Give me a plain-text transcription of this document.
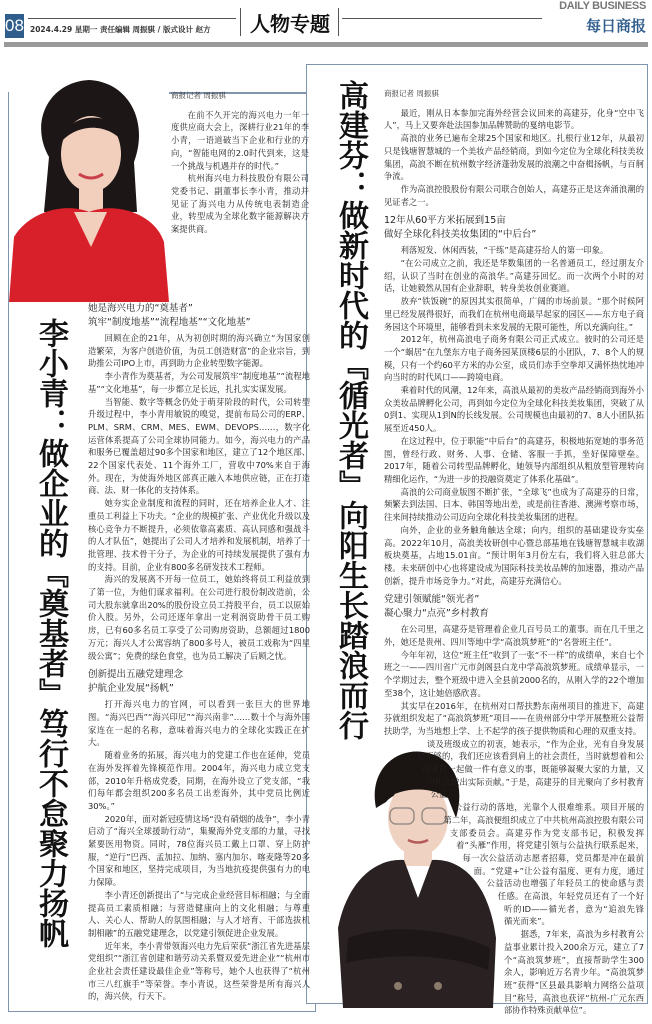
08 2024.4.29 星期一 责任编辑 周振骐 / 版式设计 赵方 人物专题
DAILY BUSINESS
每日商报
商报记者 周振骐

在前不久开完的海兴电力一年一度供应商大会上，深耕行业21年的李小青，一语道破当下企业和行业的方向，“智能电网的2.0时代到来，这是一个挑战与机遇并存的时代。”

杭州海兴电力科技股份有限公司党委书记、副董事长李小青，推动并见证了海兴电力从传统电表制造企业，转型成为全球化数字能源解决方案提供商。

李小青：做企业的『奠基者』笃行不怠聚力扬帆
她是海兴电力的“奠基者”
筑牢“制度地基”“流程地基”“文化地基”

回顾在企的21年，从为初创时期的海兴确立“为国家创造繁荣，为客户创造价值，为员工创造财富”的企业宗旨，到助推公司IPO上市，再到助力企业转型数字能源。

李小青作为奠基者，为公司发展筑牢“制度地基”“流程地基”“文化地基”，每一步都立足长远，扎扎实实谋发展。

当智能、数字等概念仍处于萌芽阶段的时代，公司转型升级过程中，李小青用敏锐的嗅觉，提前布局公司的ERP、PLM、SRM、CRM、MES、EWM、DEVOPS……，数字化运营体系提高了公司全球协同能力。如今，海兴电力的产品和服务已覆盖超过90多个国家和地区，建立了12个地区部、22个国家代表处、11个海外工厂，营收中70%来自于海外。现在，为使海外地区部真正融入本地供应链，正在打造商、法、财一体化的支持体系。

她夯实企业制度和流程的同时，还在培养企业人才、注重员工利益上下功夫。“企业的规模扩张、产业优化升级以及核心竞争力不断提升，必须依靠高素质、高认同感和强战斗的人才队伍”，她提出了公司人才培养和发展机制，培养了一批管理、技术骨干分子，为企业的可持续发展提供了强有力的支持。目前，企业有800多名研发技术工程师。

海兴的发展离不开每一位员工，她始终将员工利益放到了第一位，为他们谋求福利。在公司进行股份制改造前，公司大股东就拿出20%的股份设立员工持股平台，员工以原始价入股。另外，公司还逐年拿出一定利润资助骨干员工购房，已有60多名员工享受了公司购房资助，总额超过1800万元；海兴人才公寓容纳了800多号人，被员工戏称为“四星级公寓”；免费的绿色食堂，也为员工解决了后顾之忧。

创新提出五融党建理念
护航企业发展“扬帆”

打开海兴电力的官网，可以看到一张巨大的世界地图。“海兴巴西”“海兴印尼”“海兴南非”……数十个与海外国家连在一起的名称，意味着海兴电力的全球化实践正在扩大。

随着业务的拓展，海兴电力的党建工作也在延伸，党员在海外发挥着先锋模范作用。2004年，海兴电力成立党支部，2010年升格成党委，同期，在海外设立了党支部，“我们每年都会组织200多名员工出差海外，其中党员比例近30%。”

2020年，面对新冠疫情这场“没有硝烟的战争”，李小青启动了“海兴全球援助行动”，集聚海外党支部的力量，寻找紧要医用物资。同时，78位海兴员工戴上口罩、穿上防护服，“逆行”巴西、孟加拉、加纳、塞内加尔、喀麦隆等20多个国家和地区，坚持完成项目，为当地抗疫提供强有力的电力保障。

李小青还创新提出了“与完成企业经营目标相融；与全面提高员工素质相融；与营造健康向上的文化相融；与尊重人、关心人、帮助人的氛围相融；与人才培育、干部选拔机制相融”的五融党建理念，以党建引领促进企业发展。

近年来，李小青带领海兴电力先后荣获“浙江省先进基层党组织”“浙江省创建和谐劳动关系暨双爱先进企业”“杭州市企业社会责任建设最佳企业”等称号，她个人也获得了“杭州市三八红旗手”等荣誉。李小青说，这些荣誉是所有海兴人的，海兴侠，行天下。

高建芬：做新时代的『循光者』向阳生长踏浪而行 商报记者 周振骐

最近，刚从日本参加完海外经营会议回来的高建芬，化身“空中飞人”，马上又要奔赴法国参加品牌赞助的戛纳电影节。

高浪的业务已遍布全球25个国家和地区。扎根行业12年，从最初只是钱塘智慧城的一个美妆产品经销商，到如今定位为全球化科技美妆集团，高浪不断在杭州数字经济蓬勃发展的浪潮之中奋楫扬帆，与百舸争流。

作为高浪控股股份有限公司联合创始人，高建芬正是这奔涌浪潮的见证者之一。

12年从60平方米拓展到15亩
做好全球化科技美妆集团的“中后台”

利落短发、休闲西装，“干练”是高建芬给人的第一印象。

“在公司成立之前，我还是华数集团的一名普通员工，经过朋友介绍，认识了当时在创业的高浪华。”高建芬回忆。而一次两个小时的对话，让她毅然从国有企业辞职，转身美妆创业赛道。

放弃“铁饭碗”的原因其实很简单，广阔的市场前景。“那个时候阿里已经发展得很好，而我们在杭州电商最早起家的园区——东方电子商务园这个环境里，能够看到未来发展的无限可能性，所以充满向往。”

2012年，杭州高浪电子商务有限公司正式成立。彼时的公司还是一个“蜗居”在九堡东方电子商务园某顶楼6层的小团队，7、8个人的规模，只有一个约60平方米的办公室，成员们赤手空拳却又满怀热忱地冲向当时的时代风口——跨境电商。

乘着时代的风潮，12年来，高浪从最初的美妆产品经销商到海外小众美妆品牌孵化公司，再到如今定位为全球化科技美妆集团，突破了从0到1、实现从1到N的长线发展。公司规模也由最初的7、8人小团队拓展至近450人。

在这过程中，位于职能“中后台”的高建芬，积极地拓宽她的事务范围，曾经行政、财务、人事、仓储、客服一手抓，坐好保障壁垒。2017年，随着公司转型品牌孵化，她领导内部组织从粗放型管理转向精细化运作，“为进一步的投融资奠定了体系化基础”。

高浪的公司商业版图不断扩张，“全球飞”也成为了高建芬的日常，频繁去到法国、日本、韩国等地出差，或是前往香港、澳洲考察市场，往来间持续推动公司迈向全球化科技美妆集团的进程。

向外，企业的业务触角触达全球；向内，组织的基础建设夯实垒高。2022年10月，高浪美妆研创中心暨总部基地在钱塘智慧城丰收湖板块奠基，占地15.01亩。“预计明年3月份左右，我们将入驻总部大楼。未来研创中心也将建设成为国际科技美妆品牌的加速器，推动产品创新，提升市场竞争力。”对此，高建芬充满信心。

党建引领赋能“领光者”
凝心聚力“点亮”乡村教育

在公司里，高建芬是管理着企业几百号员工的董事。而在几千里之外，她还是贵州、四川等地中学“高浪筑梦班”的“名誉班主任”。

今年年初，这位“班主任”收到了一张“不一样”的成绩单，来自七个班之一——四川省广元市剑阁县白龙中学高浪筑梦班。成绩单显示，一个学期过去，整个班级中进入全县前2000名的，从刚入学的22个增加至38个，这让她倍感欣喜。

其实早在2016年，在杭州对口帮扶黔东南州项目的推进下，高建芬就组织发起了“高浪筑梦班”项目——在贵州部分中学开展整班公益帮扶助学，为当地想上学、上不起学的孩子提供物质和心理的双重支持。

谈及班级成立的初衷，她表示，“作为企业，光有自身发展是不够的，我们还应该看到肩上的社会责任，当时就想着和公司成员一起做一件有意义的事，既能够凝聚大家的力量，又为社会做出实际贡献。”于是，高建芬的目光聚向了乡村教育公益。

公益行动的落地，光靠个人很难维系。项目开展的第二年，高浪便组织成立了中共杭州高浪控股有限公司支部委员会。高建芬作为党支部书记，积极发挥着“头雁”作用，将党建引领与公益执行联系起来，每一次公益活动志愿者招募，党员都是冲在最前面。“党建+”让公益有温度、更有力度，通过公益活动也增强了年轻员工的使命感与责任感。在高浪，年轻党员还有了一个好听的ID——循光者，意为“追浪先锋 循光而来”。

据悉，7年来，高浪为乡村教育公益事业累计投入200余万元，建立了7个“高浪筑梦班”，直接帮助学生300余人，影响近万名青少年。“高浪筑梦班”获得“区县最具影响力网络公益项目”称号，高浪也获评“杭州-广元东西部协作特殊贡献单位”。
